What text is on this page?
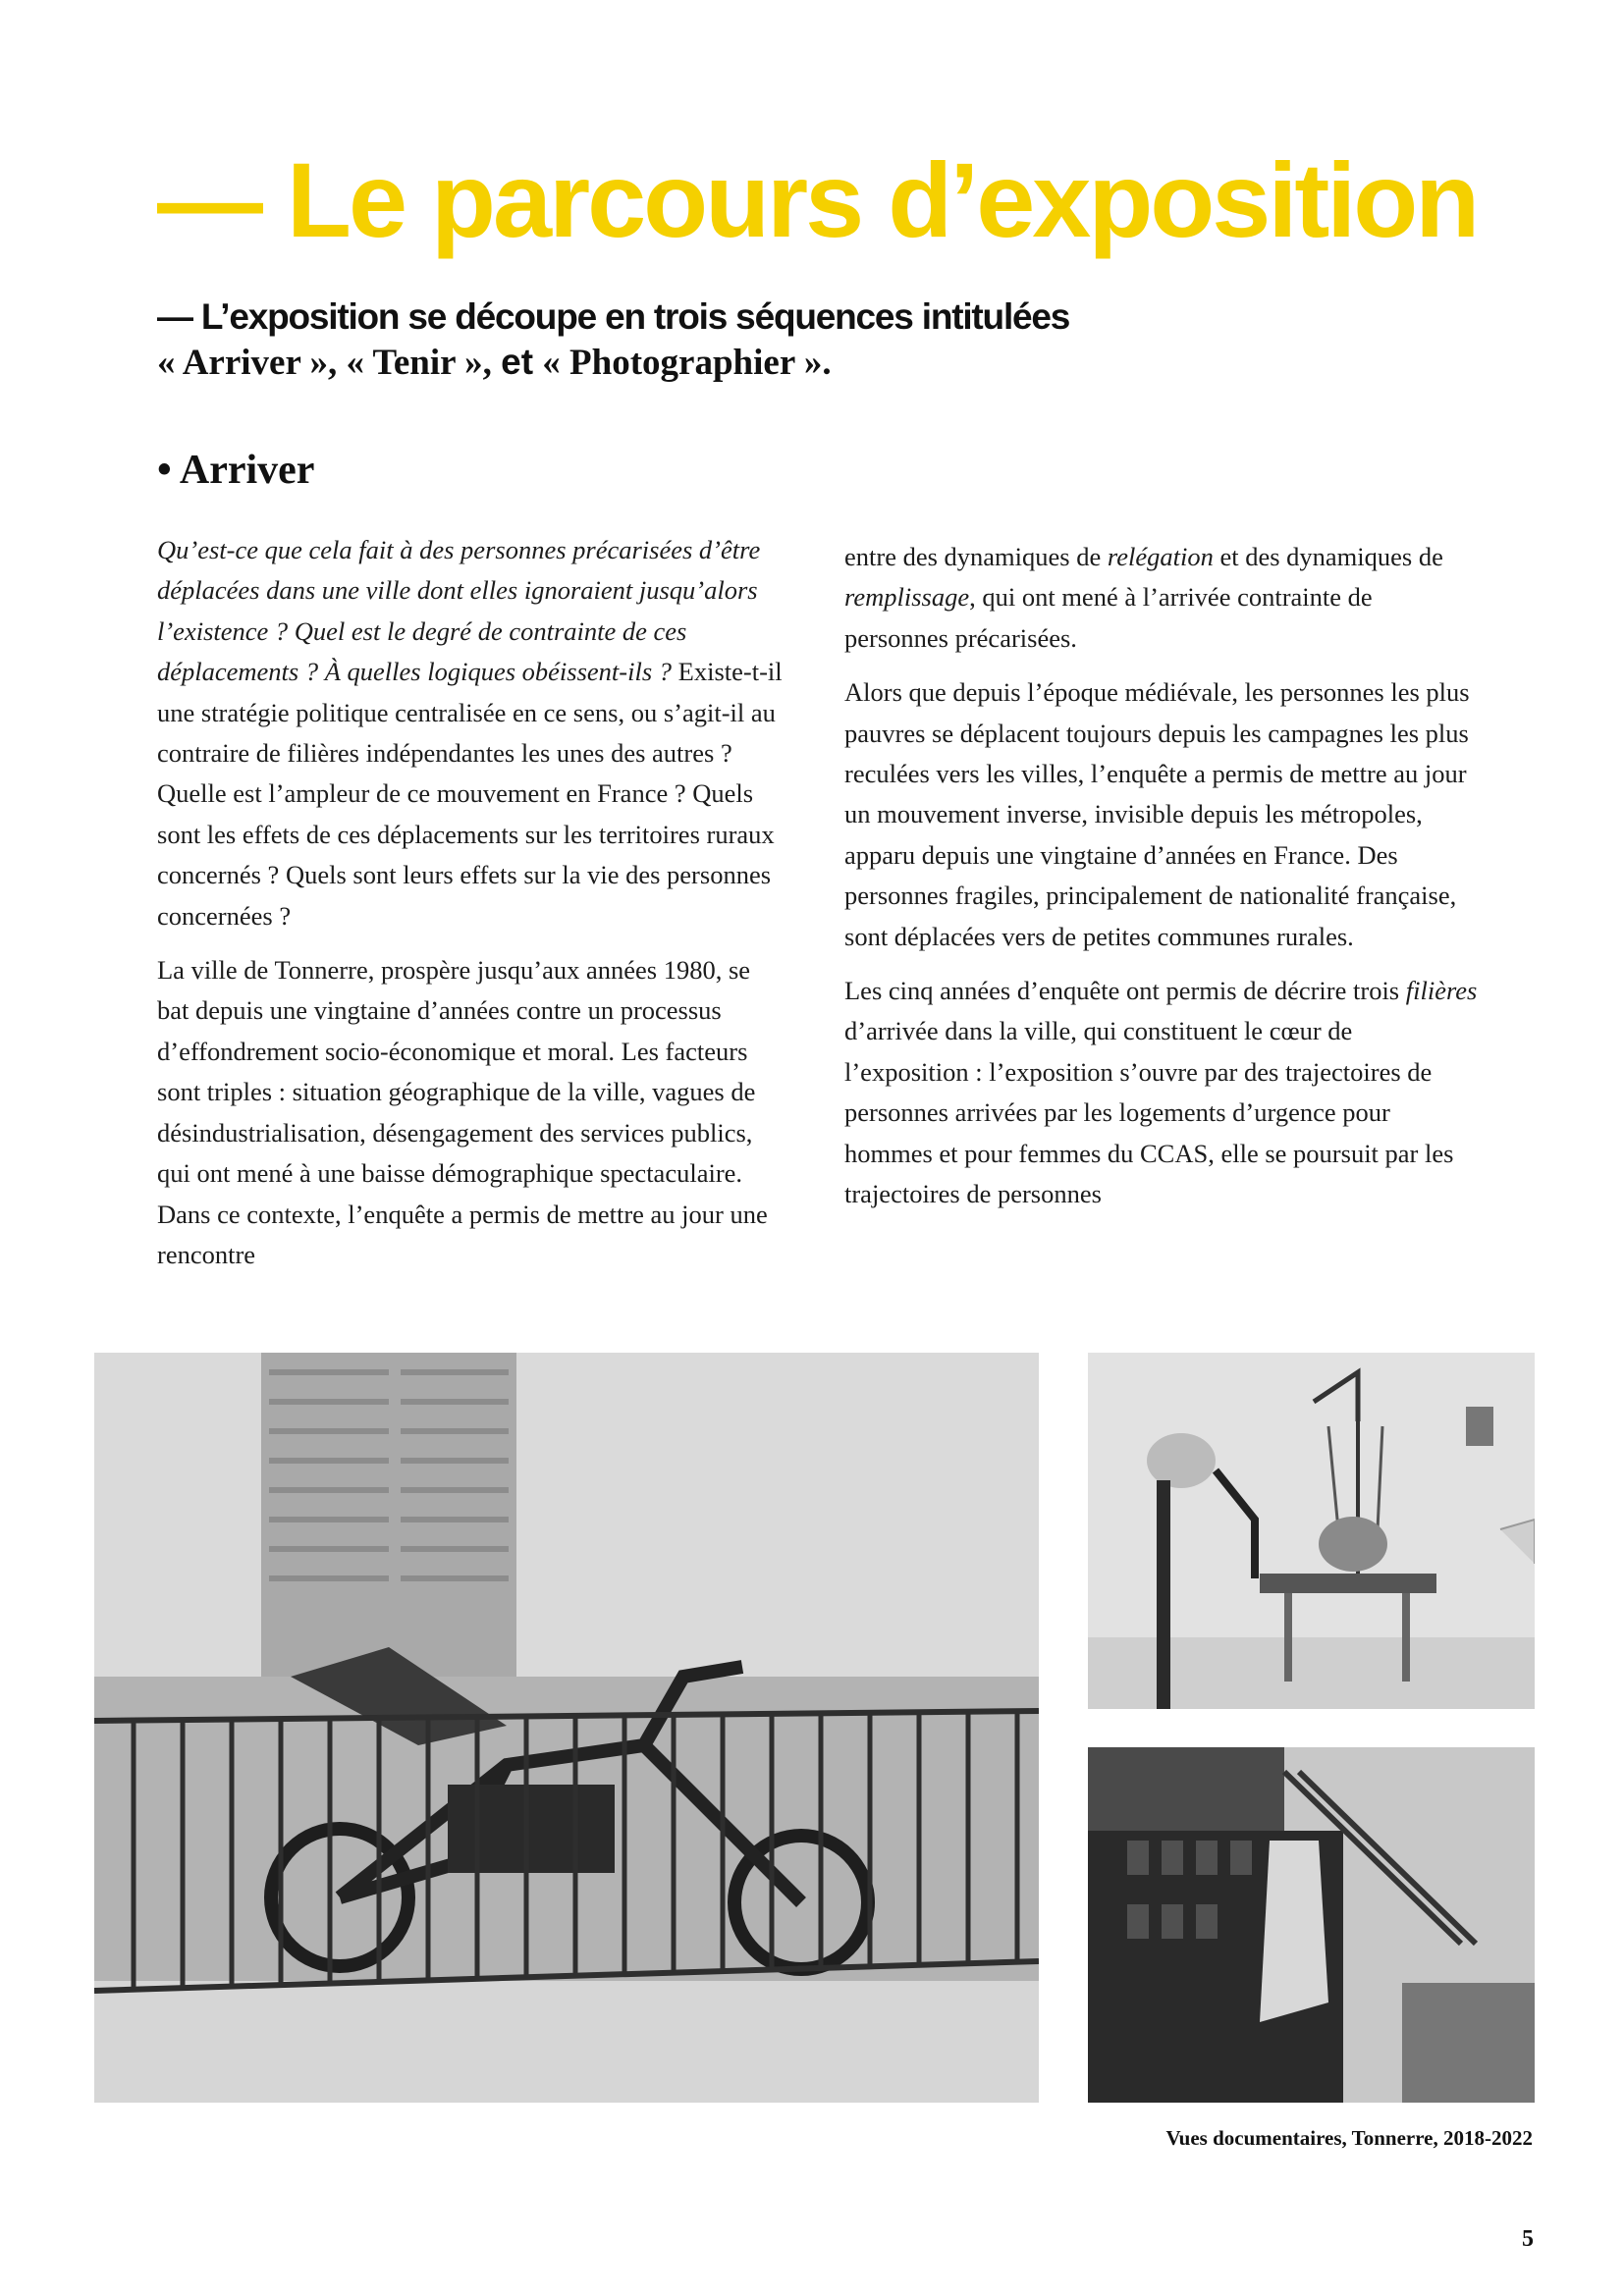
— Le parcours d’exposition
— L’exposition se découpe en trois séquences intitulées
« Arriver », « Tenir », et « Photographier ».
• Arriver

Qu’est-ce que cela fait à des personnes précarisées d’être déplacées dans une ville dont elles ignoraient jusqu’alors l’existence ? Quel est le degré de contrainte de ces déplacements ? À quelles logiques obéissent-ils ? Existe-t-il une stratégie politique centralisée en ce sens, ou s’agit-il au contraire de filières indépendantes les unes des autres ? Quelle est l’ampleur de ce mouvement en France ? Quels sont les effets de ces déplacements sur les territoires ruraux concernés ? Quels sont leurs effets sur la vie des personnes concernées ?

La ville de Tonnerre, prospère jusqu’aux années 1980, se bat depuis une vingtaine d’années contre un processus d’effondrement socio-économique et moral. Les facteurs sont triples : situation géographique de la ville, vagues de désindustrialisation, désengagement des services publics, qui ont mené à une baisse démographique spectaculaire. Dans ce contexte, l’enquête a permis de mettre au jour une rencontre

entre des dynamiques de relégation et des dynamiques de remplissage, qui ont mené à l’arrivée contrainte de personnes précarisées.

Alors que depuis l’époque médiévale, les personnes les plus pauvres se déplacent toujours depuis les campagnes les plus reculées vers les villes, l’enquête a permis de mettre au jour un mouvement inverse, invisible depuis les métropoles, apparu depuis une vingtaine d’années en France. Des personnes fragiles, principalement de nationalité française, sont déplacées vers de petites communes rurales.

Les cinq années d’enquête ont permis de décrire trois filières d’arrivée dans la ville, qui constituent le cœur de l’exposition : l’exposition s’ouvre par des trajectoires de personnes arrivées par les logements d’urgence pour hommes et pour femmes du CCAS, elle se poursuit par les trajectoires de personnes

Vues documentaires, Tonnerre, 2018-2022

5
